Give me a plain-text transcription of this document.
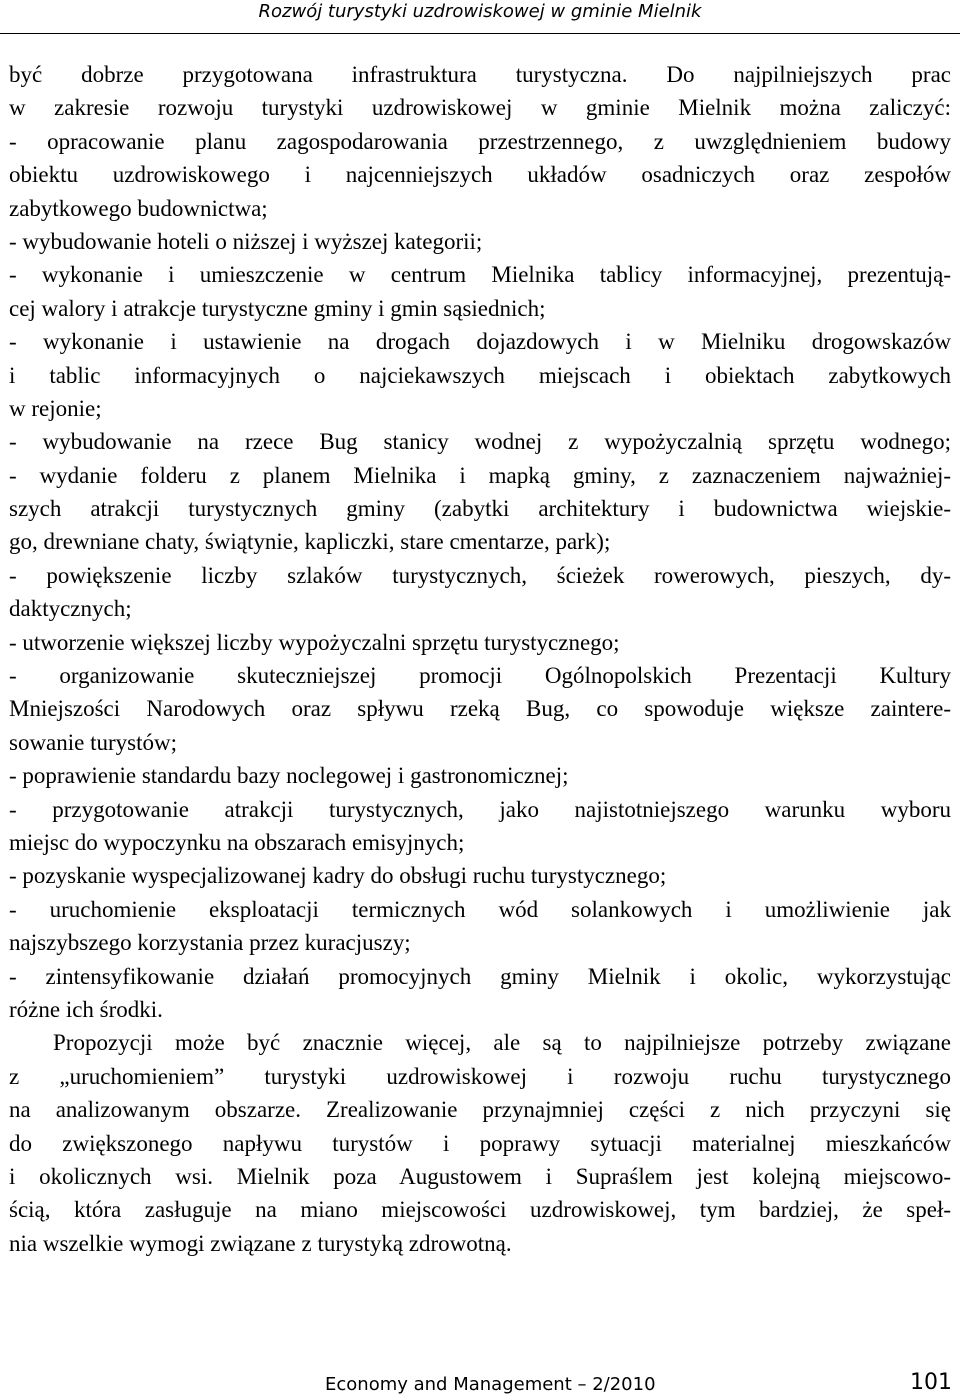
Rozwój turystyki uzdrowiskowej w gminie Mielnik
być dobrze przygotowana infrastruktura turystyczna. Do najpilniejszych prac
w zakresie rozwoju turystyki uzdrowiskowej w gminie Mielnik można zaliczyć:
- opracowanie planu zagospodarowania przestrzennego, z uwzględnieniem budowy
obiektu uzdrowiskowego i najcenniejszych układów osadniczych oraz zespołów
zabytkowego budownictwa;
- wybudowanie hoteli o niższej i wyższej kategorii;
- wykonanie i umieszczenie w centrum Mielnika tablicy informacyjnej, prezentują-
cej walory i atrakcje turystyczne gminy i gmin sąsiednich;
- wykonanie i ustawienie na drogach dojazdowych i w Mielniku drogowskazów
i tablic informacyjnych o najciekawszych miejscach i obiektach zabytkowych
w rejonie;
- wybudowanie na rzece Bug stanicy wodnej z wypożyczalnią sprzętu wodnego;
- wydanie folderu z planem Mielnika i mapką gminy, z zaznaczeniem najważniej-
szych atrakcji turystycznych gminy (zabytki architektury i budownictwa wiejskie-
go, drewniane chaty, świątynie, kapliczki, stare cmentarze, park);
- powiększenie liczby szlaków turystycznych, ścieżek rowerowych, pieszych, dy-
daktycznych;
- utworzenie większej liczby wypożyczalni sprzętu turystycznego;
- organizowanie skuteczniejszej promocji Ogólnopolskich Prezentacji Kultury
Mniejszości Narodowych oraz spływu rzeką Bug, co spowoduje większe zaintere-
sowanie turystów;
- poprawienie standardu bazy noclegowej i gastronomicznej;
- przygotowanie atrakcji turystycznych, jako najistotniejszego warunku wyboru
miejsc do wypoczynku na obszarach emisyjnych;
- pozyskanie wyspecjalizowanej kadry do obsługi ruchu turystycznego;
- uruchomienie eksploatacji termicznych wód solankowych i umożliwienie jak
najszybszego korzystania przez kuracjuszy;
- zintensyfikowanie działań promocyjnych gminy Mielnik i okolic, wykorzystując
różne ich środki.
Propozycji może być znacznie więcej, ale są to najpilniejsze potrzeby związane
z „uruchomieniem” turystyki uzdrowiskowej i rozwoju ruchu turystycznego
na analizowanym obszarze. Zrealizowanie przynajmniej części z nich przyczyni się
do zwiększonego napływu turystów i poprawy sytuacji materialnej mieszkańców
i okolicznych wsi. Mielnik poza Augustowem i Supraślem jest kolejną miejscowo-
ścią, która zasługuje na miano miejscowości uzdrowiskowej, tym bardziej, że speł-
nia wszelkie wymogi związane z turystyką zdrowotną.
Economy and Management – 2/2010	101
